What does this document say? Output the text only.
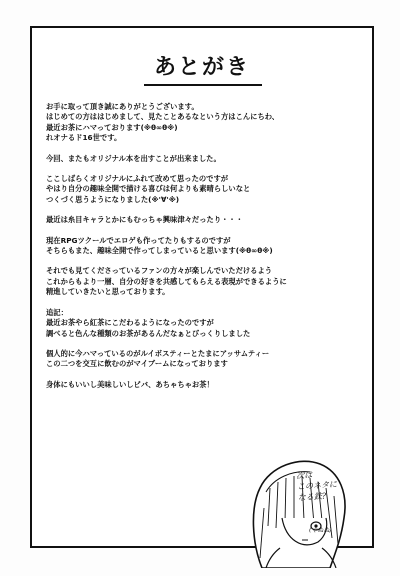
あとがき

お手に取って頂き誠にありがとうございます。

はじめての方ははじめまして、見たことあるなという方はこんにちわ、

最近お茶にハマっております(※θ∞θ※)

れオナるド16世です。

今回、またもオリジナル本を出すことが出来ました。

ここしばらくオリジナルにふれて改めて思ったのですが

やはり自分の趣味全開で描ける喜びは何よりも素晴らしいなと

つくづく思うようになりました(※'∀'※)

最近は糸目キャラとかにもむっちゃ興味津々だったり・・・

現在RPGツクールでエロゲも作ってたりもするのですが

そちらもまた、趣味全開で作ってしまっていると思います(※θ∞θ※)

それでも見てくださっているファンの方々が楽しんでいただけるよう

これからもより一層、自分の好きを共感してもらえる表現ができるように

精進していきたいと思っております。

追記：

最近お茶やら紅茶にこだわるようになったのですが

調べると色んな種類のお茶があるんだなぁとびっくりしました

個人的に今ハマっているのがルイボスティーとたまにアッサムティー

この二つを交互に飲むのがマイブームになっております

身体にもいいし美味しいしビバ、あちゃちゃお茶！

次は
このネタに
なる鉄?
(ぐぬぬ)
